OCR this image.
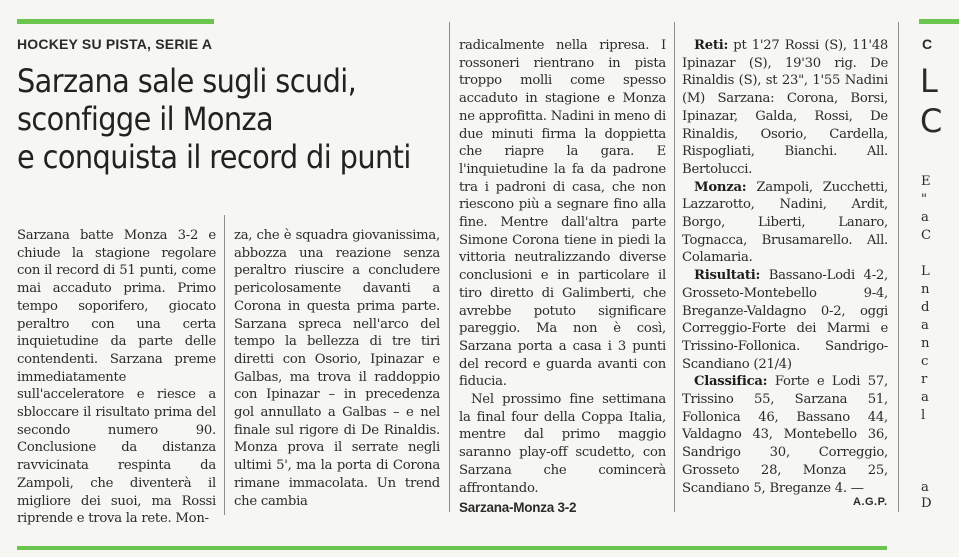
HOCKEY SU PISTA, SERIE A
Sarzana sale sugli scudi,
sconfigge il Monza
e conquista il record di punti

Sarzana batte Monza 3-2 e chiude la stagione regolare con il record di 51 punti, come mai accaduto prima. Primo tempo soporifero, giocato peraltro con una certa inquietudine da parte delle contendenti. Sarzana preme immediatamente sull'acceleratore e riesce a sbloccare il risultato prima del secondo numero 90. Conclusione da distanza ravvicinata respinta da Zampoli, che diventerà il migliore dei suoi, ma Rossi riprende e trova la rete. Mon-

za, che è squadra giovanissima, abbozza una reazione senza peraltro riuscire a concludere pericolosamente davanti a Corona in questa prima parte. Sarzana spreca nell'arco del tempo la bellezza di tre tiri diretti con Osorio, Ipinazar e Galbas, ma trova il raddoppio con Ipinazar – in precedenza gol annullato a Galbas – e nel finale sul rigore di De Rinaldis. Monza prova il serrate negli ultimi 5', ma la porta di Corona rimane immacolata. Un trend che cambia

radicalmente nella ripresa. I rossoneri rientrano in pista troppo molli come spesso accaduto in stagione e Monza ne approfitta. Nadini in meno di due minuti firma la doppietta che riapre la gara. E l'inquietudine la fa da padrone tra i padroni di casa, che non riescono più a segnare fino alla fine. Mentre dall'altra parte Simone Corona tiene in piedi la vittoria neutralizzando diverse conclusioni e in particolare il tiro diretto di Galimberti, che avrebbe potuto significare pareggio. Ma non è così, Sarzana porta a casa i 3 punti del record e guarda avanti con fiducia.

Nel prossimo fine settimana la final four della Coppa Italia, mentre dal primo maggio saranno play-off scudetto, con Sarzana che comincerà affrontando.

Sarzana-Monza 3-2

Reti: pt 1'27 Rossi (S), 11'48 Ipinazar (S), 19'30 rig. De Rinaldis (S), st 23", 1'55 Nadini (M) Sarzana: Corona, Borsi, Ipinazar, Galda, Rossi, De Rinaldis, Osorio, Cardella, Rispogliati, Bianchi. All. Bertolucci.

Monza: Zampoli, Zucchetti, Lazzarotto, Nadini, Ardit, Borgo, Liberti, Lanaro, Tognacca, Brusamarello. All. Colamaria.

Risultati: Bassano-Lodi 4-2, Grosseto-Montebello 9-4, Breganze-Valdagno 0-2, oggi Correggio-Forte dei Marmi e Trissino-Follonica. Sandrigo-Scandiano (21/4)

Classifica: Forte e Lodi 57, Trissino 55, Sarzana 51, Follonica 46, Bassano 44, Valdagno 43, Montebello 36, Sandrigo 30, Correggio, Grosseto 28, Monza 25, Scandiano 5, Breganze 4. —

A.G.P.
C
L
C
E
"
a
C
L
n
d
a
n
c
r
a
l
a
D
